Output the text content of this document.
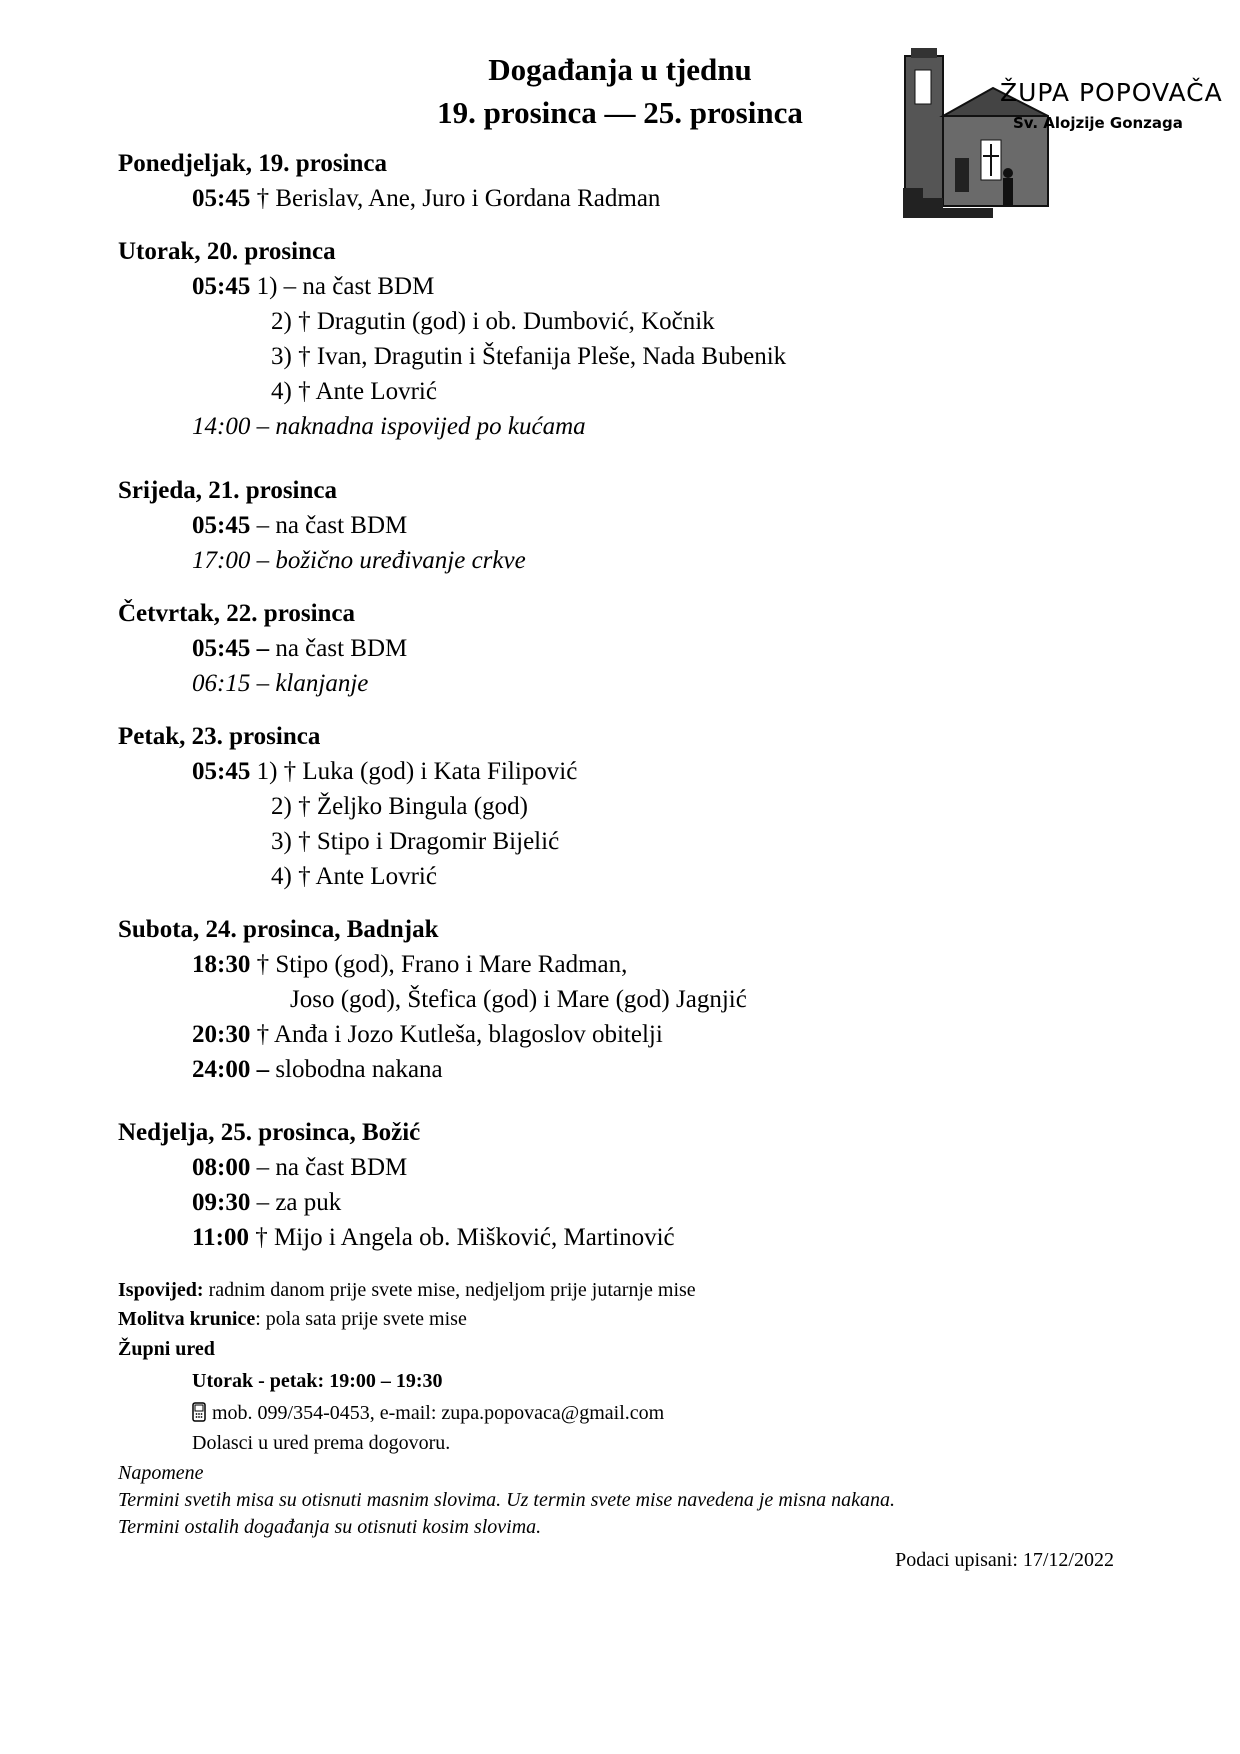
Događanja u tjednu
19. prosinca — 25. prosinca
ŽUPA POPOVAČA
Sv. Alojzije Gonzaga
Ponedjeljak, 19. prosinca
05:45 † Berislav, Ane, Juro i Gordana Radman
Utorak, 20. prosinca
05:45 1) – na čast BDM
2) † Dragutin (god) i ob. Dumbović, Kočnik
3) † Ivan, Dragutin i Štefanija Pleše, Nada Bubenik
4) † Ante Lovrić
14:00 – naknadna ispovijed po kućama
Srijeda, 21. prosinca
05:45 – na čast BDM
17:00 – božično uređivanje crkve
Četvrtak, 22. prosinca
05:45 – na čast BDM
06:15 – klanjanje
Petak, 23. prosinca
05:45 1) † Luka (god) i Kata Filipović
2) † Željko Bingula (god)
3) † Stipo i Dragomir Bijelić
4) † Ante Lovrić
Subota, 24. prosinca, Badnjak
18:30 † Stipo (god), Frano i Mare Radman,
Joso (god), Štefica (god) i Mare (god) Jagnjić
20:30 † Anđa i Jozo Kutleša, blagoslov obitelji
24:00 – slobodna nakana
Nedjelja, 25. prosinca, Božić
08:00 – na čast BDM
09:30 – za puk
11:00 † Mijo i Angela ob. Mišković, Martinović
Ispovijed: radnim danom prije svete mise, nedjeljom prije jutarnje mise
Molitva krunice: pola sata prije svete mise
Župni ured
Utorak - petak: 19:00 – 19:30
mob. 099/354-0453, e-mail: zupa.popovaca@gmail.com
Dolasci u ured prema dogovoru.
Napomene
Termini svetih misa su otisnuti masnim slovima. Uz termin svete mise navedena je misna nakana.
Termini ostalih događanja su otisnuti kosim slovima.
Podaci upisani: 17/12/2022
